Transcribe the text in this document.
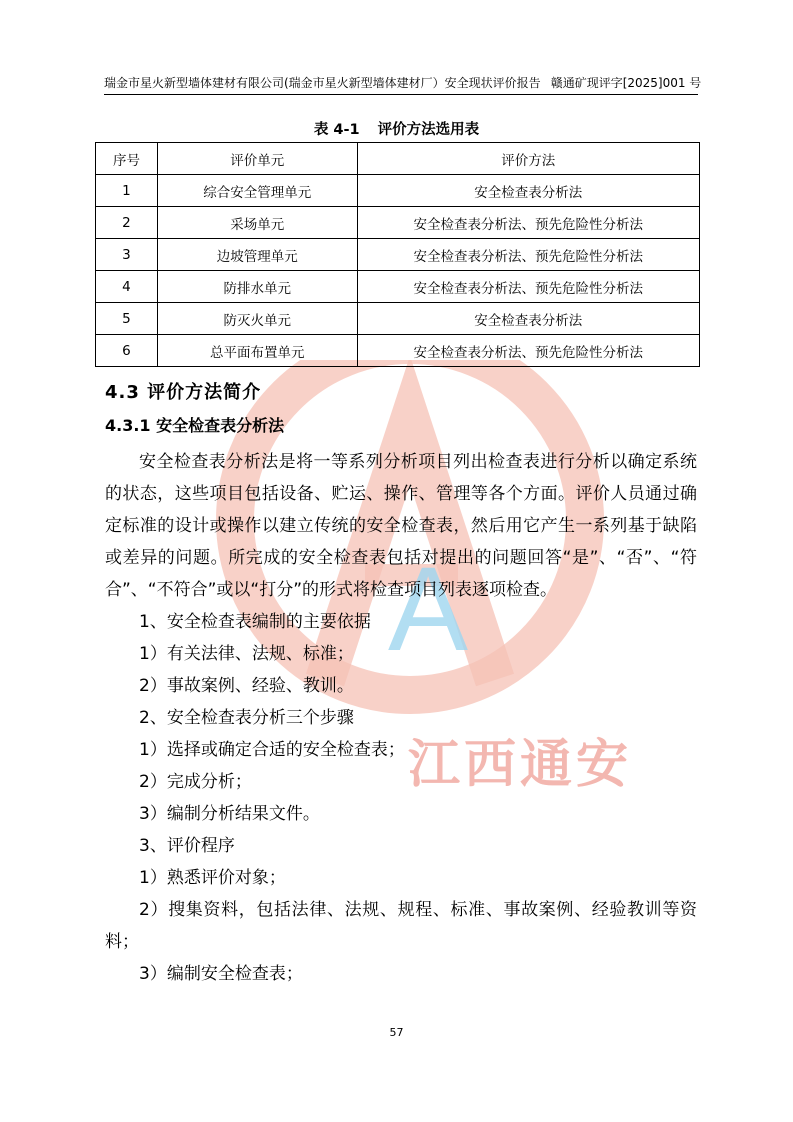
A
江西通安
瑞金市星火新型墙体建材有限公司(瑞金市星火新型墙体建材厂）安全现状评价报告 赣通矿现评字[2025]001 号
表 4-1 评价方法选用表
序号	评价单元	评价方法
1	综合安全管理单元	安全检查表分析法
2	采场单元	安全检查表分析法、预先危险性分析法
3	边坡管理单元	安全检查表分析法、预先危险性分析法
4	防排水单元	安全检查表分析法、预先危险性分析法
5	防灭火单元	安全检查表分析法
6	总平面布置单元	安全检查表分析法、预先危险性分析法
4.3 评价方法简介
4.3.1 安全检查表分析法

安全检查表分析法是将一等系列分析项目列出检查表进行分析以确定系统的状态，这些项目包括设备、贮运、操作、管理等各个方面。评价人员通过确定标准的设计或操作以建立传统的安全检查表，然后用它产生一系列基于缺陷或差异的问题。所完成的安全检查表包括对提出的问题回答“是”、“否”、“符合”、“不符合”或以“打分”的形式将检查项目列表逐项检查。

1、安全检查表编制的主要依据

1）有关法律、法规、标准；

2）事故案例、经验、教训。

2、安全检查表分析三个步骤

1）选择或确定合适的安全检查表；

2）完成分析；

3）编制分析结果文件。

3、评价程序

1）熟悉评价对象；

2）搜集资料，包括法律、法规、规程、标准、事故案例、经验教训等资料；

3）编制安全检查表；

57
